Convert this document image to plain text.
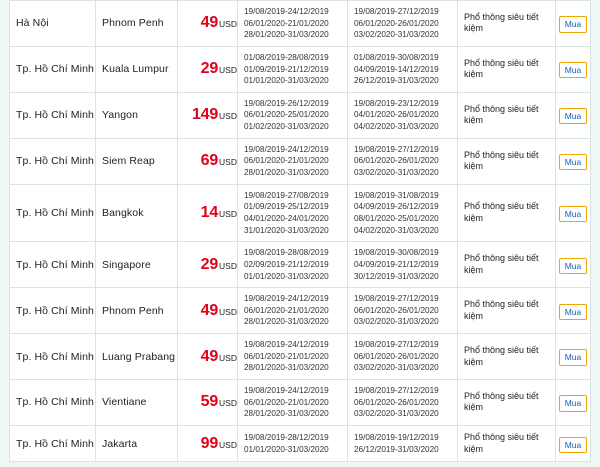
Hà Nội	Phnom Penh	49USD	
19/08/2019-24/12/2019
06/01/2020-21/01/2020
28/01/2020-31/03/2020

19/08/2019-27/12/2019
06/01/2020-26/01/2020
03/02/2020-31/03/2020

Phổ thông siêu tiết kiệm	Mua

Tp. Hồ Chí Minh	Kuala Lumpur	29USD	
01/08/2019-28/08/2019
01/09/2019-21/12/2019
01/01/2020-31/03/2020

01/08/2019-30/08/2019
04/09/2019-14/12/2019
26/12/2019-31/03/2020

Phổ thông siêu tiết kiệm	Mua

Tp. Hồ Chí Minh	Yangon	149USD	
19/08/2019-26/12/2019
06/01/2020-25/01/2020
01/02/2020-31/03/2020

19/08/2019-23/12/2019
04/01/2020-26/01/2020
04/02/2020-31/03/2020

Phổ thông siêu tiết kiệm	Mua

Tp. Hồ Chí Minh	Siem Reap	69USD	
19/08/2019-24/12/2019
06/01/2020-21/01/2020
28/01/2020-31/03/2020

19/08/2019-27/12/2019
06/01/2020-26/01/2020
03/02/2020-31/03/2020

Phổ thông siêu tiết kiệm	Mua

Tp. Hồ Chí Minh	Bangkok	14USD	
19/08/2019-27/08/2019
01/09/2019-25/12/2019
04/01/2020-24/01/2020
31/01/2020-31/03/2020

19/08/2019-31/08/2019
04/09/2019-26/12/2019
08/01/2020-25/01/2020
04/02/2020-31/03/2020

Phổ thông siêu tiết kiệm	Mua

Tp. Hồ Chí Minh	Singapore	29USD	
19/08/2019-28/08/2019
02/09/2019-21/12/2019
01/01/2020-31/03/2020

19/08/2019-30/08/2019
04/09/2019-21/12/2019
30/12/2019-31/03/2020

Phổ thông siêu tiết kiệm	Mua

Tp. Hồ Chí Minh	Phnom Penh	49USD	
19/08/2019-24/12/2019
06/01/2020-21/01/2020
28/01/2020-31/03/2020

19/08/2019-27/12/2019
06/01/2020-26/01/2020
03/02/2020-31/03/2020

Phổ thông siêu tiết kiệm	Mua

Tp. Hồ Chí Minh	Luang Prabang	49USD	
19/08/2019-24/12/2019
06/01/2020-21/01/2020
28/01/2020-31/03/2020

19/08/2019-27/12/2019
06/01/2020-26/01/2020
03/02/2020-31/03/2020

Phổ thông siêu tiết kiệm	Mua

Tp. Hồ Chí Minh	Vientiane	59USD	
19/08/2019-24/12/2019
06/01/2020-21/01/2020
28/01/2020-31/03/2020

19/08/2019-27/12/2019
06/01/2020-26/01/2020
03/02/2020-31/03/2020

Phổ thông siêu tiết kiệm	Mua

Tp. Hồ Chí Minh	Jakarta	99USD	
19/08/2019-28/12/2019
01/01/2020-31/03/2020

19/08/2019-19/12/2019
26/12/2019-31/03/2020

Phổ thông siêu tiết kiệm	Mua
